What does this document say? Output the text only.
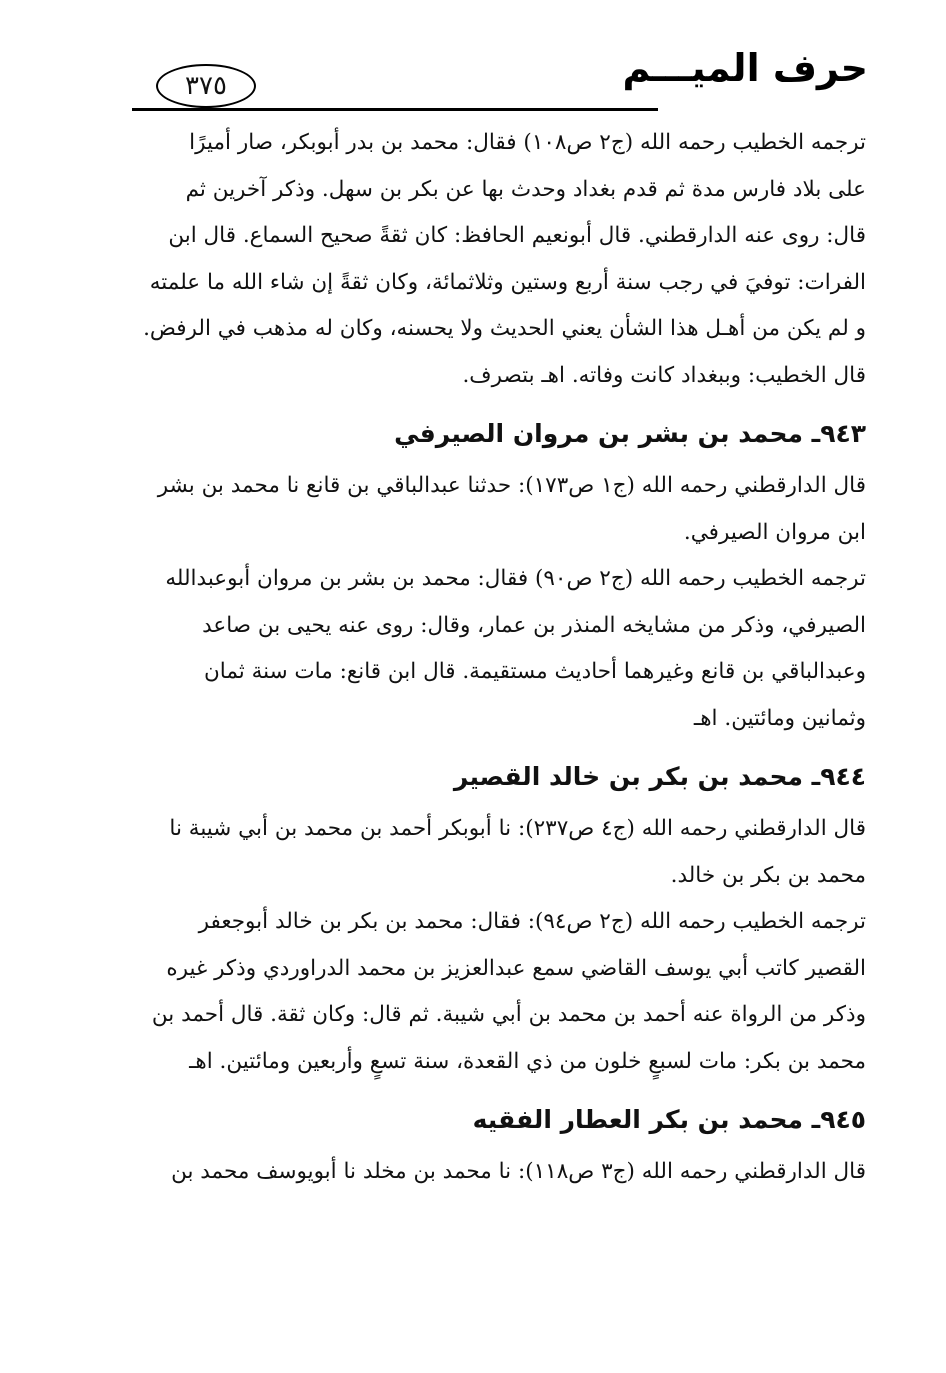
حرف الميـــم
٣٧٥

ترجمه الخطيب رحمه الله (ج٢ ص١٠٨) فقال: محمد بن بدر أبوبكر، صار أميرًا
على بلاد فارس مدة ثم قدم بغداد وحدث بها عن بكر بن سهل. وذكر آخرين ثم
قال: روى عنه الدارقطني. قال أبونعيم الحافظ: كان ثقةً صحيح السماع. قال ابن
الفرات: توفيَ في رجب سنة أربع وستين وثلاثمائة، وكان ثقةً إن شاء الله ما علمته
و لم يكن من أهـل هذا الشأن يعني الحديث ولا يحسنه، وكان له مذهب في الرفض.
قال الخطيب: وببغداد كانت وفاته. اهـ بتصرف.

٩٤٣ـ محمد بن بشر بن مروان الصيرفي

قال الدارقطني رحمه الله (ج١ ص١٧٣): حدثنا عبدالباقي بن قانع نا محمد بن بشر
ابن مروان الصيرفي.

ترجمه الخطيب رحمه الله (ج٢ ص٩٠) فقال: محمد بن بشر بن مروان أبوعبدالله
الصيرفي، وذكر من مشايخه المنذر بن عمار، وقال: روى عنه يحيى بن صاعد
وعبدالباقي بن قانع وغيرهما أحاديث مستقيمة. قال ابن قانع: مات سنة ثمان
وثمانين ومائتين. اهـ

٩٤٤ـ محمد بن بكر بن خالد القصير

قال الدارقطني رحمه الله (ج٤ ص٢٣٧): نا أبوبكر أحمد بن محمد بن أبي شيبة نا
محمد بن بكر بن خالد.

ترجمه الخطيب رحمه الله (ج٢ ص٩٤): فقال: محمد بن بكر بن خالد أبوجعفر
القصير كاتب أبي يوسف القاضي سمع عبدالعزيز بن محمد الدراوردي وذكر غيره
وذكر من الرواة عنه أحمد بن محمد بن أبي شيبة. ثم قال: وكان ثقة. قال أحمد بن
محمد بن بكر: مات لسبعٍ خلون من ذي القعدة، سنة تسعٍ وأربعين ومائتين. اهـ

٩٤٥ـ محمد بن بكر العطار الفقيه

قال الدارقطني رحمه الله (ج٣ ص١١٨): نا محمد بن مخلد نا أبويوسف محمد بن
